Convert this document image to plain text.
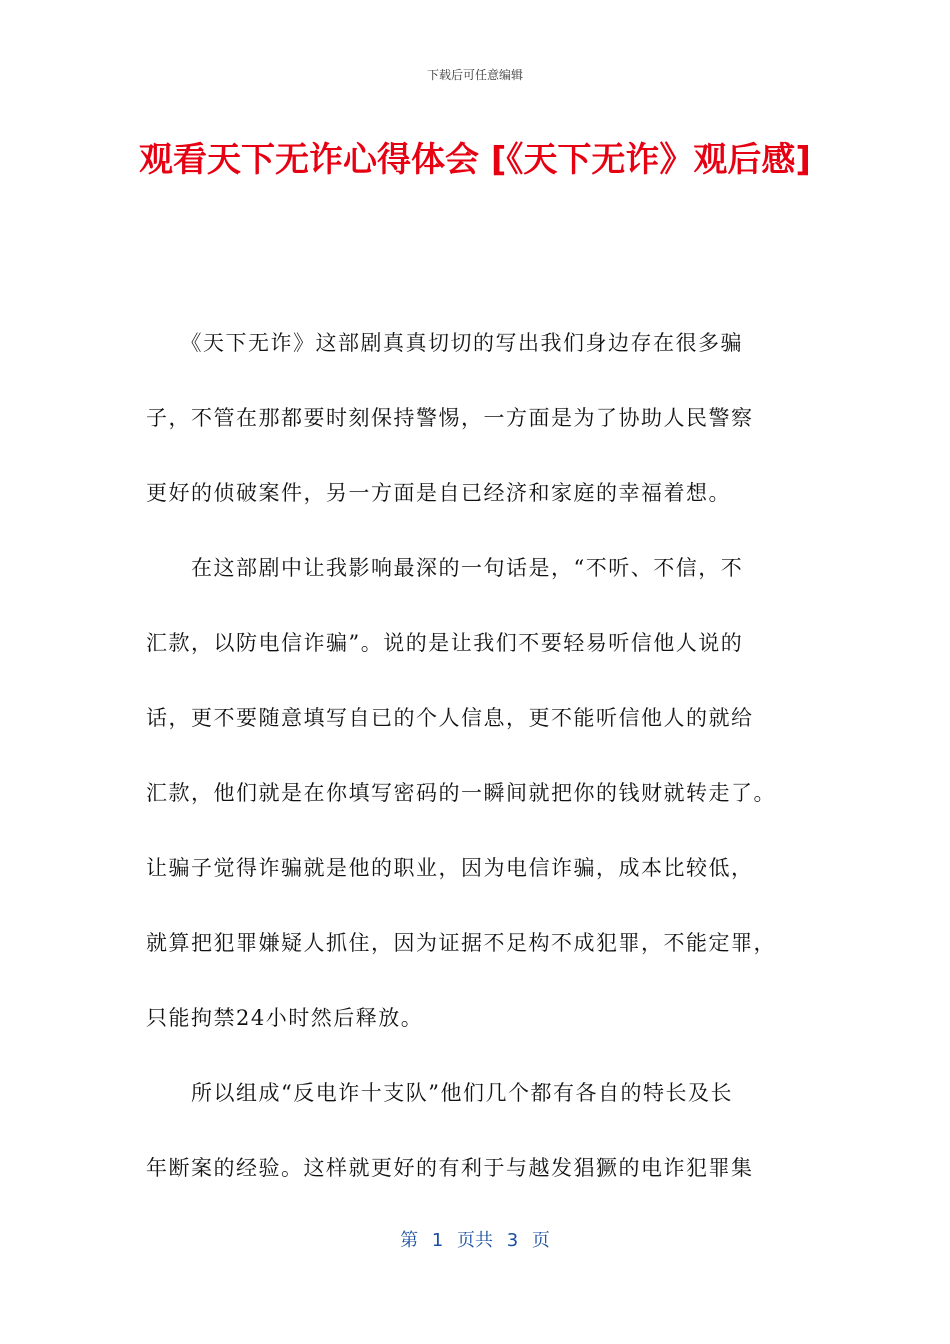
下载后可任意编辑
观看天下无诈心得体会 [《天下无诈》观后感]
　　《天下无诈》这部剧真真切切的写出我们身边存在很多骗
子，不管在那都要时刻保持警惕，一方面是为了协助人民警察
更好的侦破案件，另一方面是自已经济和家庭的幸福着想。
　　在这部剧中让我影响最深的一句话是，“不听、不信，不
汇款，以防电信诈骗”。说的是让我们不要轻易听信他人说的
话，更不要随意填写自已的个人信息，更不能听信他人的就给
汇款，他们就是在你填写密码的一瞬间就把你的钱财就转走了。
让骗子觉得诈骗就是他的职业，因为电信诈骗，成本比较低，
就算把犯罪嫌疑人抓住，因为证据不足构不成犯罪，不能定罪，
只能拘禁24小时然后释放。
　　所以组成“反电诈十支队”他们几个都有各自的特长及长
年断案的经验。这样就更好的有利于与越发猖獗的电诈犯罪集
第 1 页共 3 页
